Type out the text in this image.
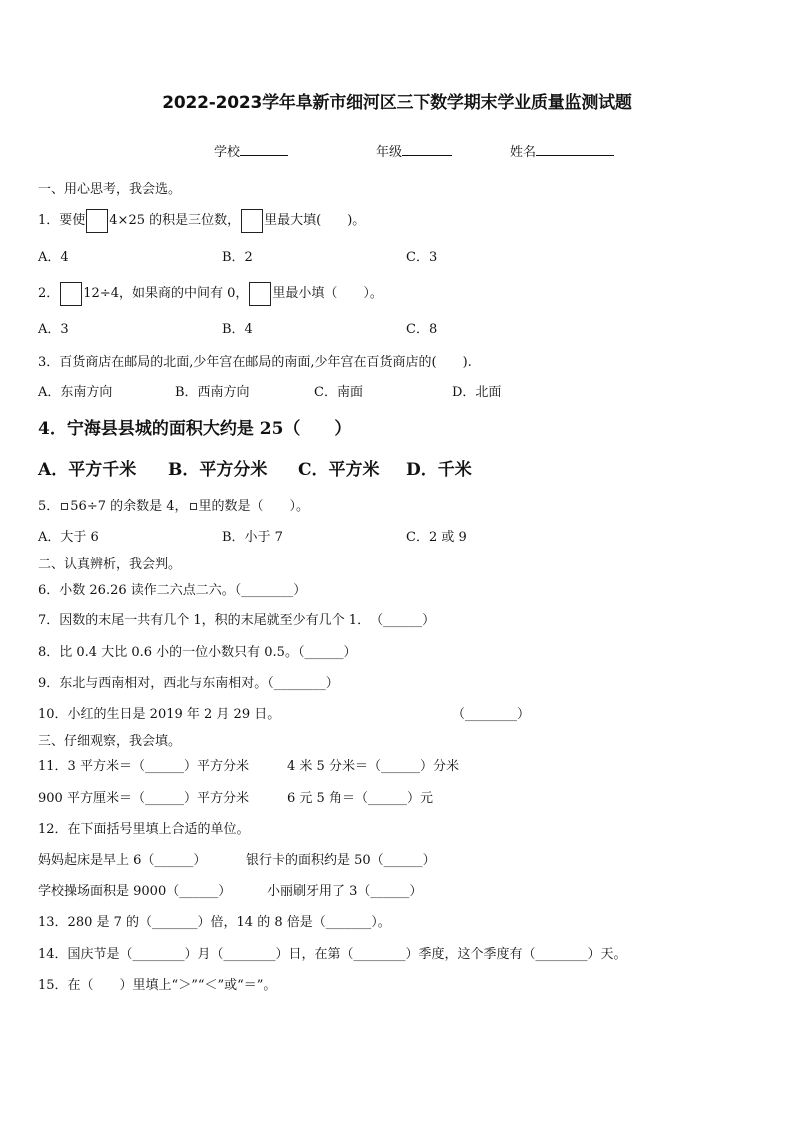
2022-2023学年阜新市细河区三下数学期末学业质量监测试题
学校	年级	姓名
一、用心思考，我会选。
1．要使 4×25 的积是三位数， 里最大填(　　)。
A．4	B．2	C．3
2． 12÷4，如果商的中间有 0， 里最小填（　　）。
A．3	B．4	C．8
3．百货商店在邮局的北面,少年宫在邮局的南面,少年宫在百货商店的(　　).
A．东南方向	B．西南方向	C．南面	D．北面
4．宁海县县城的面积大约是 25（　　）
A．平方千米 B．平方分米 C．平方米 D．千米
5． 56÷7 的余数是 4， 里的数是（　　）。
A．大于 6	B．小于 7	C．2 或 9
二、认真辨析，我会判。
6．小数 26.26 读作二六点二六。（________）
7．因数的末尾一共有几个 1，积的末尾就至少有几个 1．　（______）
8．比 0.4 大比 0.6 小的一位小数只有 0.5。（______）
9．东北与西南相对，西北与东南相对。（________）
10．小红的生日是 2019 年 2 月 29 日。	（________）
三、仔细观察，我会填。
11．3 平方米＝（______）平方分米	4 米 5 分米＝（______）分米
900 平方厘米＝（______）平方分米	6 元 5 角＝（______）元
12．在下面括号里填上合适的单位。
妈妈起床是早上 6（______）	银行卡的面积约是 50（______）
学校操场面积是 9000（______）	小丽刷牙用了 3（______）
13．280 是 7 的（_______）倍，14 的 8 倍是（_______）。
14．国庆节是（________）月（________）日，在第（________）季度，这个季度有（________）天。
15．在（　　）里填上“＞”“＜”或“＝”。
